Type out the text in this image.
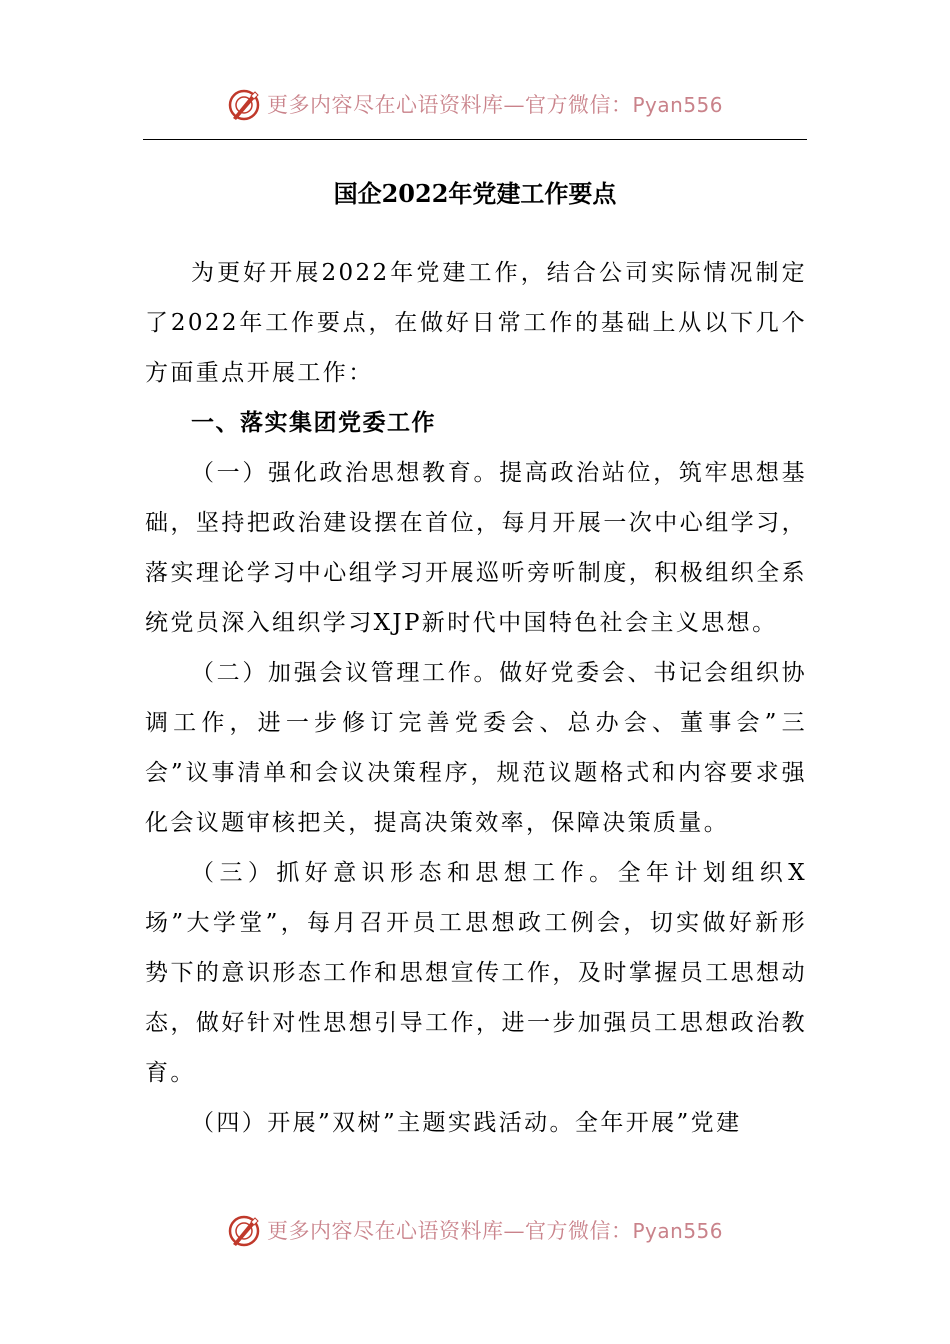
更多内容尽在心语资料库—官方微信：Pyan556
国企2022年党建工作要点

为更好开展2022年党建工作，结合公司实际情况制定了2022年工作要点，在做好日常工作的基础上从以下几个方面重点开展工作：

一、落实集团党委工作

（一）强化政治思想教育。提高政治站位，筑牢思想基础，坚持把政治建设摆在首位，每月开展一次中心组学习，落实理论学习中心组学习开展巡听旁听制度，积极组织全系统党员深入组织学习XJP新时代中国特色社会主义思想。

（二）加强会议管理工作。做好党委会、书记会组织协调工作，进一步修订完善党委会、总办会、董事会”三会”议事清单和会议决策程序，规范议题格式和内容要求强化会议题审核把关，提高决策效率，保障决策质量。

（三）抓好意识形态和思想工作。全年计划组织X场”大学堂”，每月召开员工思想政工例会，切实做好新形势下的意识形态工作和思想宣传工作，及时掌握员工思想动态，做好针对性思想引导工作，进一步加强员工思想政治教育。

（四）开展”双树”主题实践活动。全年开展”党建

更多内容尽在心语资料库—官方微信：Pyan556
